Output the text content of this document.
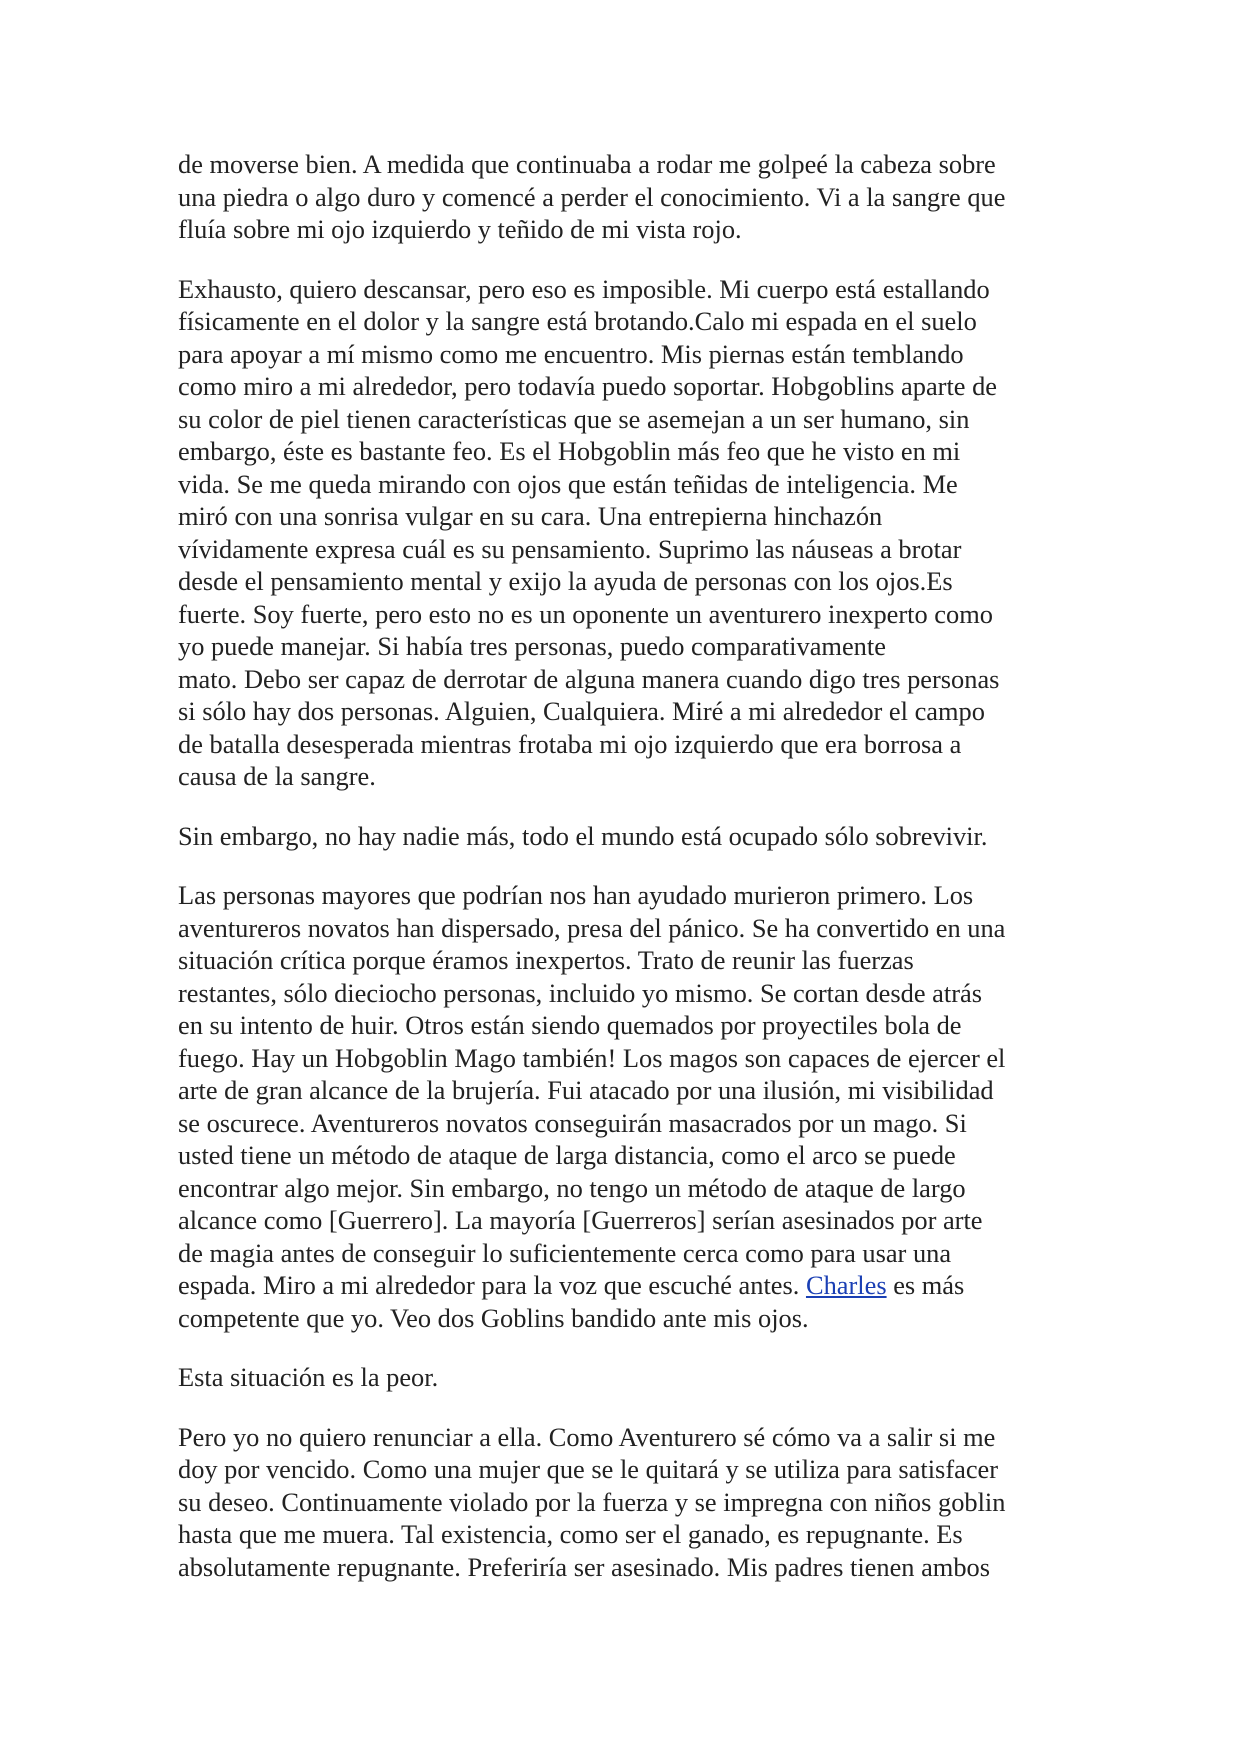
de moverse bien. A medida que continuaba a rodar me golpeé la cabeza sobre
una piedra o algo duro y comencé a perder el conocimiento. Vi a la sangre que
fluía sobre mi ojo izquierdo y teñido de mi vista rojo.

Exhausto, quiero descansar, pero eso es imposible. Mi cuerpo está estallando
físicamente en el dolor y la sangre está brotando.Calo mi espada en el suelo
para apoyar a mí mismo como me encuentro. Mis piernas están temblando
como miro a mi alrededor, pero todavía puedo soportar. Hobgoblins aparte de
su color de piel tienen características que se asemejan a un ser humano, sin
embargo, éste es bastante feo. Es el Hobgoblin más feo que he visto en mi
vida. Se me queda mirando con ojos que están teñidas de inteligencia. Me
miró con una sonrisa vulgar en su cara. Una entrepierna hinchazón
vívidamente expresa cuál es su pensamiento. Suprimo las náuseas a brotar
desde el pensamiento mental y exijo la ayuda de personas con los ojos.Es
fuerte. Soy fuerte, pero esto no es un oponente un aventurero inexperto como
yo puede manejar. Si había tres personas, puedo comparativamente
mato. Debo ser capaz de derrotar de alguna manera cuando digo tres personas
si sólo hay dos personas. Alguien, Cualquiera. Miré a mi alrededor el campo
de batalla desesperada mientras frotaba mi ojo izquierdo que era borrosa a
causa de la sangre.

Sin embargo, no hay nadie más, todo el mundo está ocupado sólo sobrevivir.

Las personas mayores que podrían nos han ayudado murieron primero. Los
aventureros novatos han dispersado, presa del pánico. Se ha convertido en una
situación crítica porque éramos inexpertos. Trato de reunir las fuerzas
restantes, sólo dieciocho personas, incluido yo mismo. Se cortan desde atrás
en su intento de huir. Otros están siendo quemados por proyectiles bola de
fuego. Hay un Hobgoblin Mago también! Los magos son capaces de ejercer el
arte de gran alcance de la brujería. Fui atacado por una ilusión, mi visibilidad
se oscurece. Aventureros novatos conseguirán masacrados por un mago. Si
usted tiene un método de ataque de larga distancia, como el arco se puede
encontrar algo mejor. Sin embargo, no tengo un método de ataque de largo
alcance como [Guerrero]. La mayoría [Guerreros] serían asesinados por arte
de magia antes de conseguir lo suficientemente cerca como para usar una
espada. Miro a mi alrededor para la voz que escuché antes. Charles es más
competente que yo. Veo dos Goblins bandido ante mis ojos.

Esta situación es la peor.

Pero yo no quiero renunciar a ella. Como Aventurero sé cómo va a salir si me
doy por vencido. Como una mujer que se le quitará y se utiliza para satisfacer
su deseo. Continuamente violado por la fuerza y se impregna con niños goblin
hasta que me muera. Tal existencia, como ser el ganado, es repugnante. Es
absolutamente repugnante. Preferiría ser asesinado. Mis padres tienen ambos
